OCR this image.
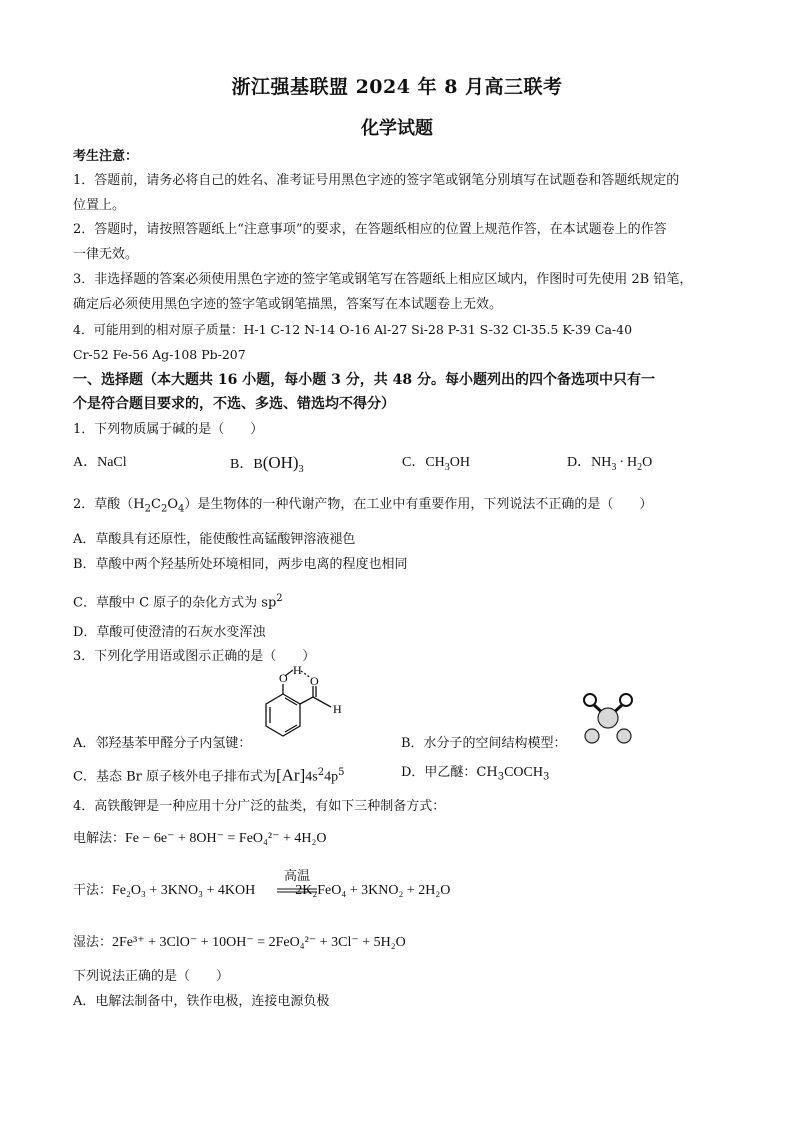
浙江强基联盟 2024 年 8 月高三联考
化学试题
考生注意：
1．答题前，请务必将自己的姓名、准考证号用黑色字迹的签字笔或钢笔分别填写在试题卷和答题纸规定的
位置上。
2．答题时，请按照答题纸上“注意事项”的要求，在答题纸相应的位置上规范作答，在本试题卷上的作答
一律无效。
3．非选择题的答案必须使用黑色字迹的签字笔或钢笔写在答题纸上相应区域内，作图时可先使用 2B 铅笔，
确定后必须使用黑色字迹的签字笔或钢笔描黑，答案写在本试题卷上无效。
4．可能用到的相对原子质量：H-1 C-12 N-14 O-16 Al-27 Si-28 P-31 S-32 Cl-35.5 K-39 Ca-40
Cr-52 Fe-56 Ag-108 Pb-207
一、选择题（本大题共 16 小题，每小题 3 分，共 48 分。每小题列出的四个备选项中只有一
个是符合题目要求的，不选、多选、错选均不得分）
1．下列物质属于碱的是（　　）
A．NaCl	B．$B(OH)_3$	C．$CH_3OH$	D．$NH_3 \cdot H_2O$
2．草酸$(H_2C_2O_4)$是生物体的一种代谢产物，在工业中有重要作用，下列说法不正确的是（　　）
A．草酸具有还原性，能使酸性高锰酸钾溶液褪色
B．草酸中两个羟基所处环境相同，两步电离的程度也相同
C．草酸中 C 原子的杂化方式为 $sp^2$
D．草酸可使澄清的石灰水变浑浊
3．下列化学用语或图示正确的是（　　）
O
H
O
H
A．邻羟基苯甲醛分子内氢键：	B．水分子的空间结构模型：
C．基态 Br 原子核外电子排布式为$[Ar]4s^24p^5$	D．甲乙醚：$CH_3COCH_3$
4．高铁酸钾是一种应用十分广泛的盐类，有如下三种制备方式：
电解法：Fe − 6e⁻ + 8OH⁻ = FeO₄²⁻ + 4H₂O
干法：Fe₂O₃ + 3KNO₃ + 4KOH	2K₂FeO₄ + 3KNO₂ + 2H₂O
高温
湿法：2Fe³⁺ + 3ClO⁻ + 10OH⁻ = 2FeO₄²⁻ + 3Cl⁻ + 5H₂O
下列说法正确的是（　　）
A．电解法制备中，铁作电极，连接电源负极
